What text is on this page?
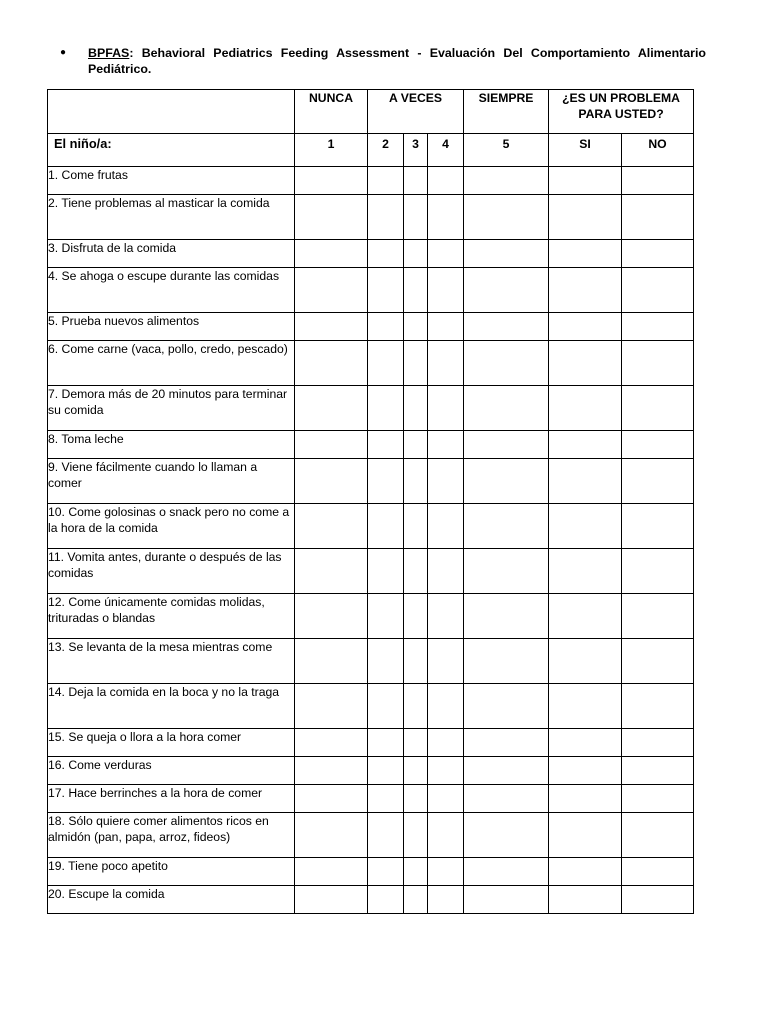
● BPFAS: Behavioral Pediatrics Feeding Assessment - Evaluación Del Comportamiento Alimentario Pediátrico.
	NUNCA	A VECES			SIEMPRE	¿ES UN PROBLEMA
PARA USTED?	
El niño/a:	1	2	3	4	5	SI	NO
1. Come frutas							
2. Tiene problemas al masticar la comida							
3. Disfruta de la comida							
4. Se ahoga o escupe durante las comidas							
5. Prueba nuevos alimentos							
6. Come carne (vaca, pollo, credo, pescado)							
7. Demora más de 20 minutos para terminar su comida							
8. Toma leche							
9. Viene fácilmente cuando lo llaman a comer							
10. Come golosinas o snack pero no come a la hora de la comida							
11. Vomita antes, durante o después de las comidas							
12. Come únicamente comidas molidas, trituradas o blandas							
13. Se levanta de la mesa mientras come							
14. Deja la comida en la boca y no la traga							
15. Se queja o llora a la hora comer							
16. Come verduras							
17. Hace berrinches a la hora de comer							
18. Sólo quiere comer alimentos ricos en almidón (pan, papa, arroz, fideos)							
19. Tiene poco apetito							
20. Escupe la comida							
